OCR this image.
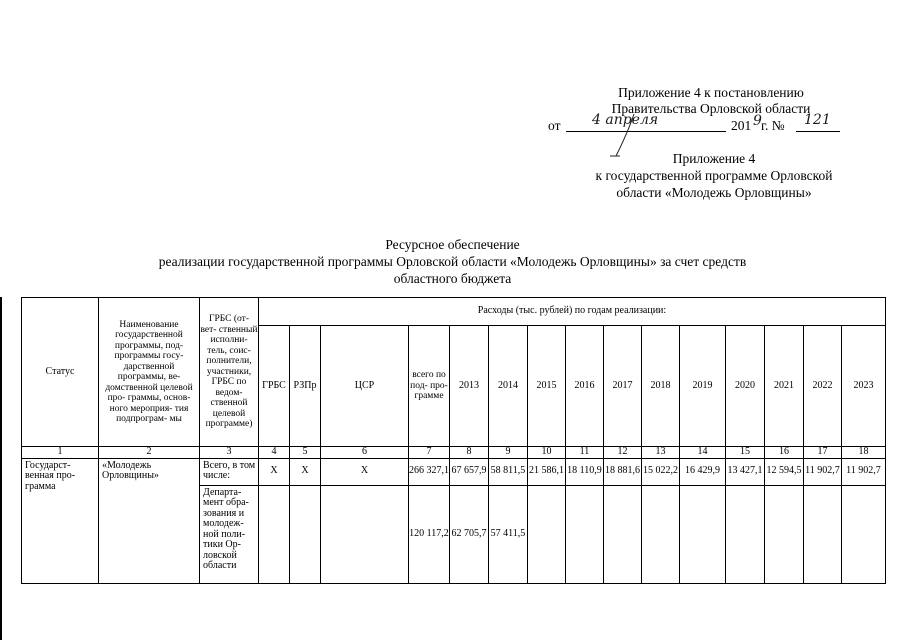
Приложение 4 к постановлению
Правительства Орловской области
от 4 апреля	201 9 г. № 121
Приложение 4
к государственной программе Орловской
области «Молодежь Орловщины»
Ресурсное обеспечение
реализации государственной программы Орловской области «Молодежь Орловщины» за счет средств
областного бюджета
Статус	Наименование государственной программы, под- программы госу- дарственной программы, ве- домственной целевой про- граммы, основ- ного мероприя- тия подпрограм- мы	ГРБС (от- вет- ственный исполни- тель, соис- полнители, участники, ГРБС по ведом- ственной целевой программе)	Расходы (тыс. рублей) по годам реализации:														
			ГРБС	РЗПр	ЦСР	всего по под- про- грамме	2013	2014	2015	2016	2017	2018	2019	2020	2021	2022	2023
1	2	3	4	5	6	7	8	9	10	11	12	13	14	15	16	17	18
Государст- венная про- грамма	«Молодежь Орловщины»	Всего, в том числе:	Х	Х	Х	266 327,1	67 657,9	58 811,5	21 586,1	18 110,9	18 881,6	15 022,2	16 429,9	13 427,1	12 594,5	11 902,7	11 902,7
		Департа- мент обра- зования и молодеж- ной поли- тики Ор- ловской области				120 117,2	62 705,7	57 411,5									
